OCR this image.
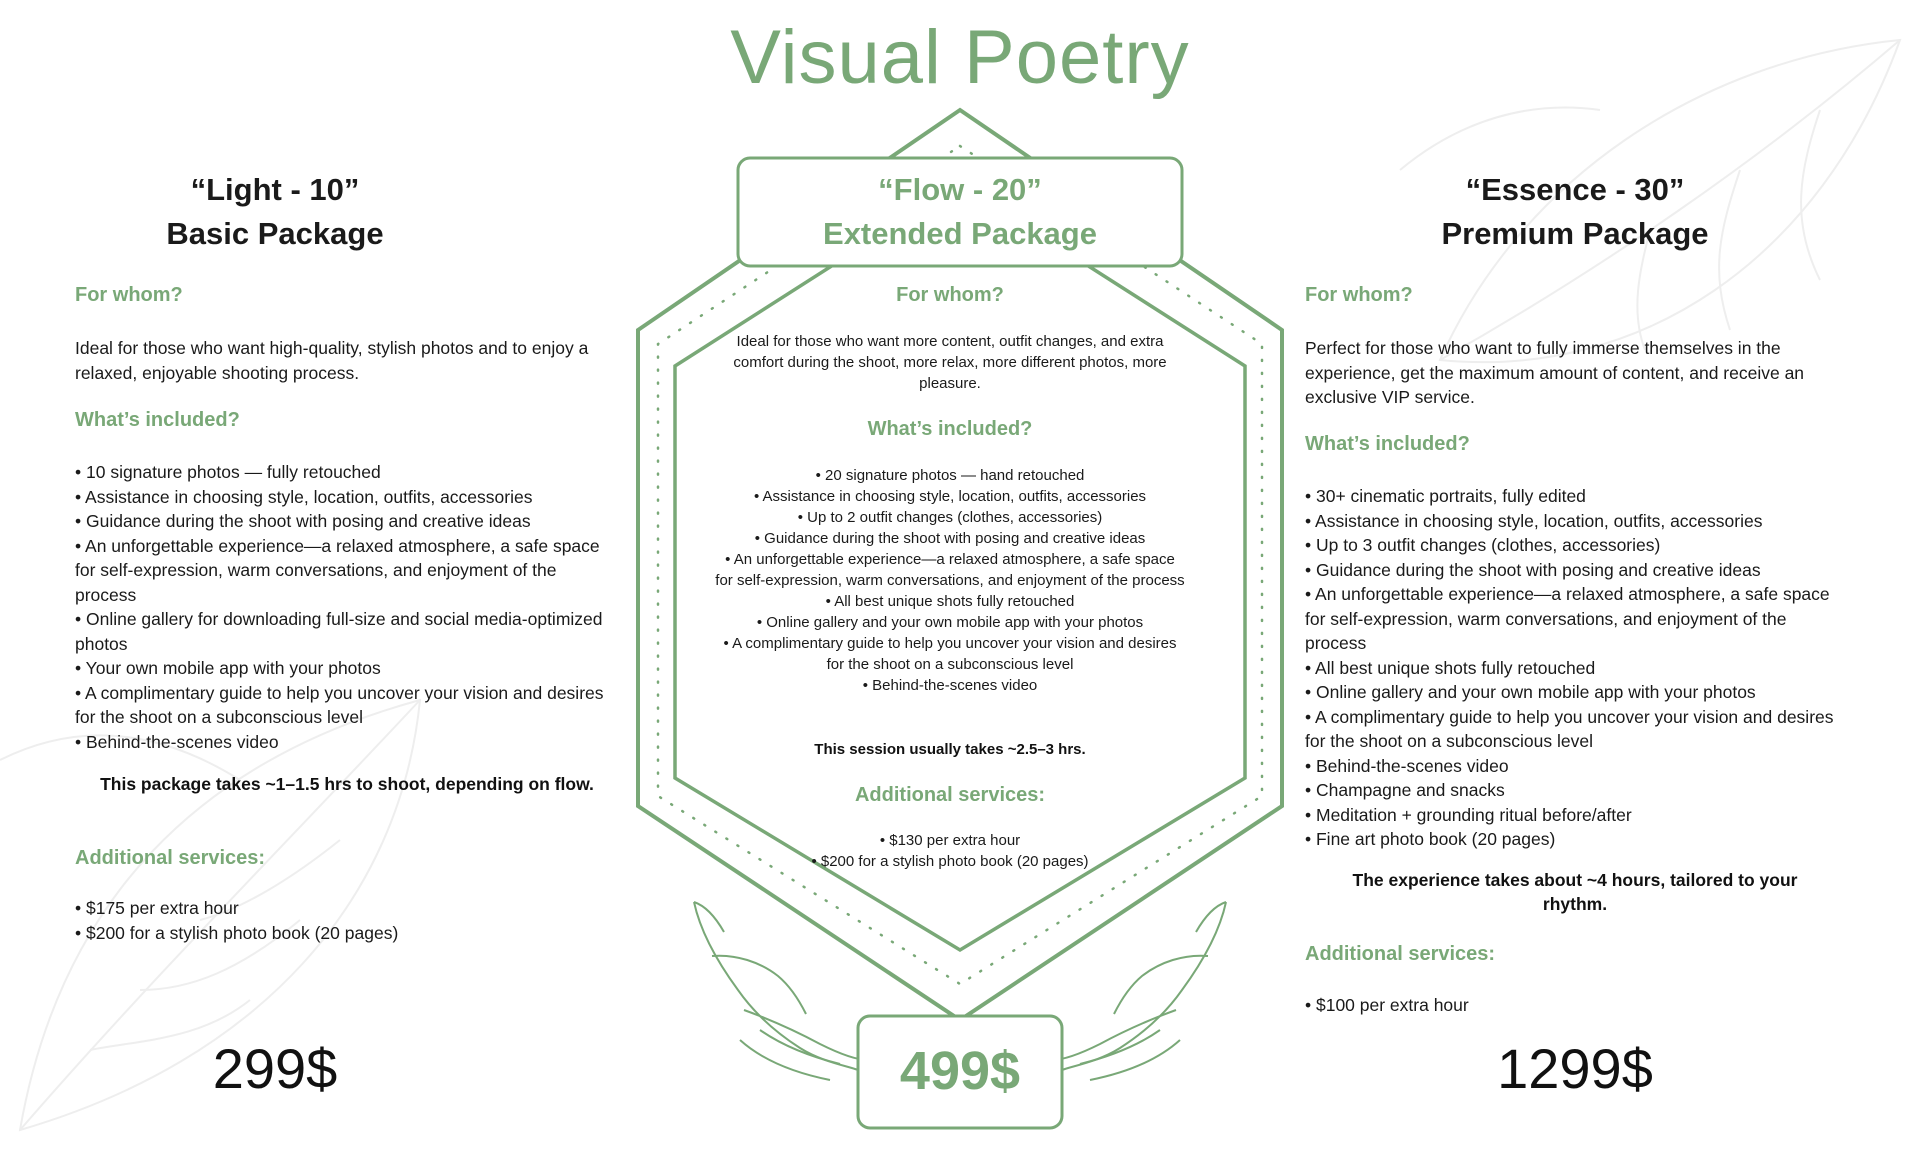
Visual Poetry
“Light - 10”
Basic Package
For whom?
Ideal for those who want high-quality, stylish photos and to enjoy a relaxed, enjoyable shooting process.
What’s included?

• 10 signature photos — fully retouched

• Assistance in choosing style, location, outfits, accessories

• Guidance during the shoot with posing and creative ideas

• An unforgettable experience—a relaxed atmosphere, a safe space for self-expression, warm conversations, and enjoyment of the process

• Online gallery for downloading full-size and social media-optimized photos

• Your own mobile app with your photos

• A complimentary guide to help you uncover your vision and desires for the shoot on a subconscious level

• Behind-the-scenes video

This package takes ~1–1.5 hrs to shoot, depending on flow.
Additional services:

• $175 per extra hour

• $200 for a stylish photo book (20 pages)

299$
“Flow - 20”
Extended Package
For whom?
Ideal for those who want more content, outfit changes, and extra comfort during the shoot, more relax, more different photos, more pleasure.
What’s included?

• 20 signature photos — hand retouched

• Assistance in choosing style, location, outfits, accessories

• Up to 2 outfit changes (clothes, accessories)

• Guidance during the shoot with posing and creative ideas

• An unforgettable experience—a relaxed atmosphere, a safe space for self-expression, warm conversations, and enjoyment of the process

• All best unique shots fully retouched

• Online gallery and your own mobile app with your photos

• A complimentary guide to help you uncover your vision and desires for the shoot on a subconscious level

• Behind-the-scenes video

This session usually takes ~2.5–3 hrs.
Additional services:

• $130 per extra hour

• $200 for a stylish photo book (20 pages)

499$
“Essence - 30”
Premium Package
For whom?
Perfect for those who want to fully immerse themselves in the experience, get the maximum amount of content, and receive an exclusive VIP service.
What’s included?

• 30+ cinematic portraits, fully edited

• Assistance in choosing style, location, outfits, accessories

• Up to 3 outfit changes (clothes, accessories)

• Guidance during the shoot with posing and creative ideas

• An unforgettable experience—a relaxed atmosphere, a safe space for self-expression, warm conversations, and enjoyment of the process

• All best unique shots fully retouched

• Online gallery and your own mobile app with your photos

• A complimentary guide to help you uncover your vision and desires for the shoot on a subconscious level

• Behind-the-scenes video

• Champagne and snacks

• Meditation + grounding ritual before/after

• Fine art photo book (20 pages)

The experience takes about ~4 hours, tailored to your rhythm.
Additional services:

• $100 per extra hour

1299$
